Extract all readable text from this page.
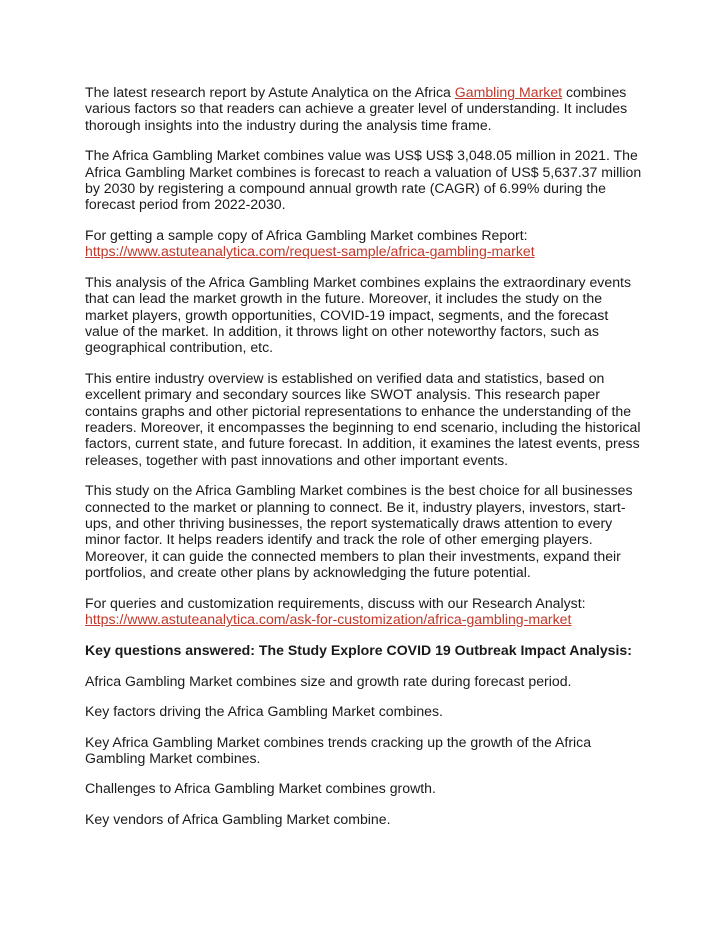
The latest research report by Astute Analytica on the Africa Gambling Market combines various factors so that readers can achieve a greater level of understanding. It includes thorough insights into the industry during the analysis time frame.

The Africa Gambling Market combines value was US$ US$ 3,048.05 million in 2021. The Africa Gambling Market combines is forecast to reach a valuation of US$ 5,637.37 million by 2030 by registering a compound annual growth rate (CAGR) of 6.99% during the forecast period from 2022-2030.

For getting a sample copy of Africa Gambling Market combines Report: https://www.astuteanalytica.com/request-sample/africa-gambling-market

This analysis of the Africa Gambling Market combines explains the extraordinary events that can lead the market growth in the future. Moreover, it includes the study on the market players, growth opportunities, COVID-19 impact, segments, and the forecast value of the market. In addition, it throws light on other noteworthy factors, such as geographical contribution, etc.

This entire industry overview is established on verified data and statistics, based on excellent primary and secondary sources like SWOT analysis. This research paper contains graphs and other pictorial representations to enhance the understanding of the readers. Moreover, it encompasses the beginning to end scenario, including the historical factors, current state, and future forecast. In addition, it examines the latest events, press releases, together with past innovations and other important events.

This study on the Africa Gambling Market combines is the best choice for all businesses connected to the market or planning to connect. Be it, industry players, investors, start-ups, and other thriving businesses, the report systematically draws attention to every minor factor. It helps readers identify and track the role of other emerging players. Moreover, it can guide the connected members to plan their investments, expand their portfolios, and create other plans by acknowledging the future potential.

For queries and customization requirements, discuss with our Research Analyst: https://www.astuteanalytica.com/ask-for-customization/africa-gambling-market

Key questions answered: The Study Explore COVID 19 Outbreak Impact Analysis:

Africa Gambling Market combines size and growth rate during forecast period.

Key factors driving the Africa Gambling Market combines.

Key Africa Gambling Market combines trends cracking up the growth of the Africa Gambling Market combines.

Challenges to Africa Gambling Market combines growth.

Key vendors of Africa Gambling Market combine.
